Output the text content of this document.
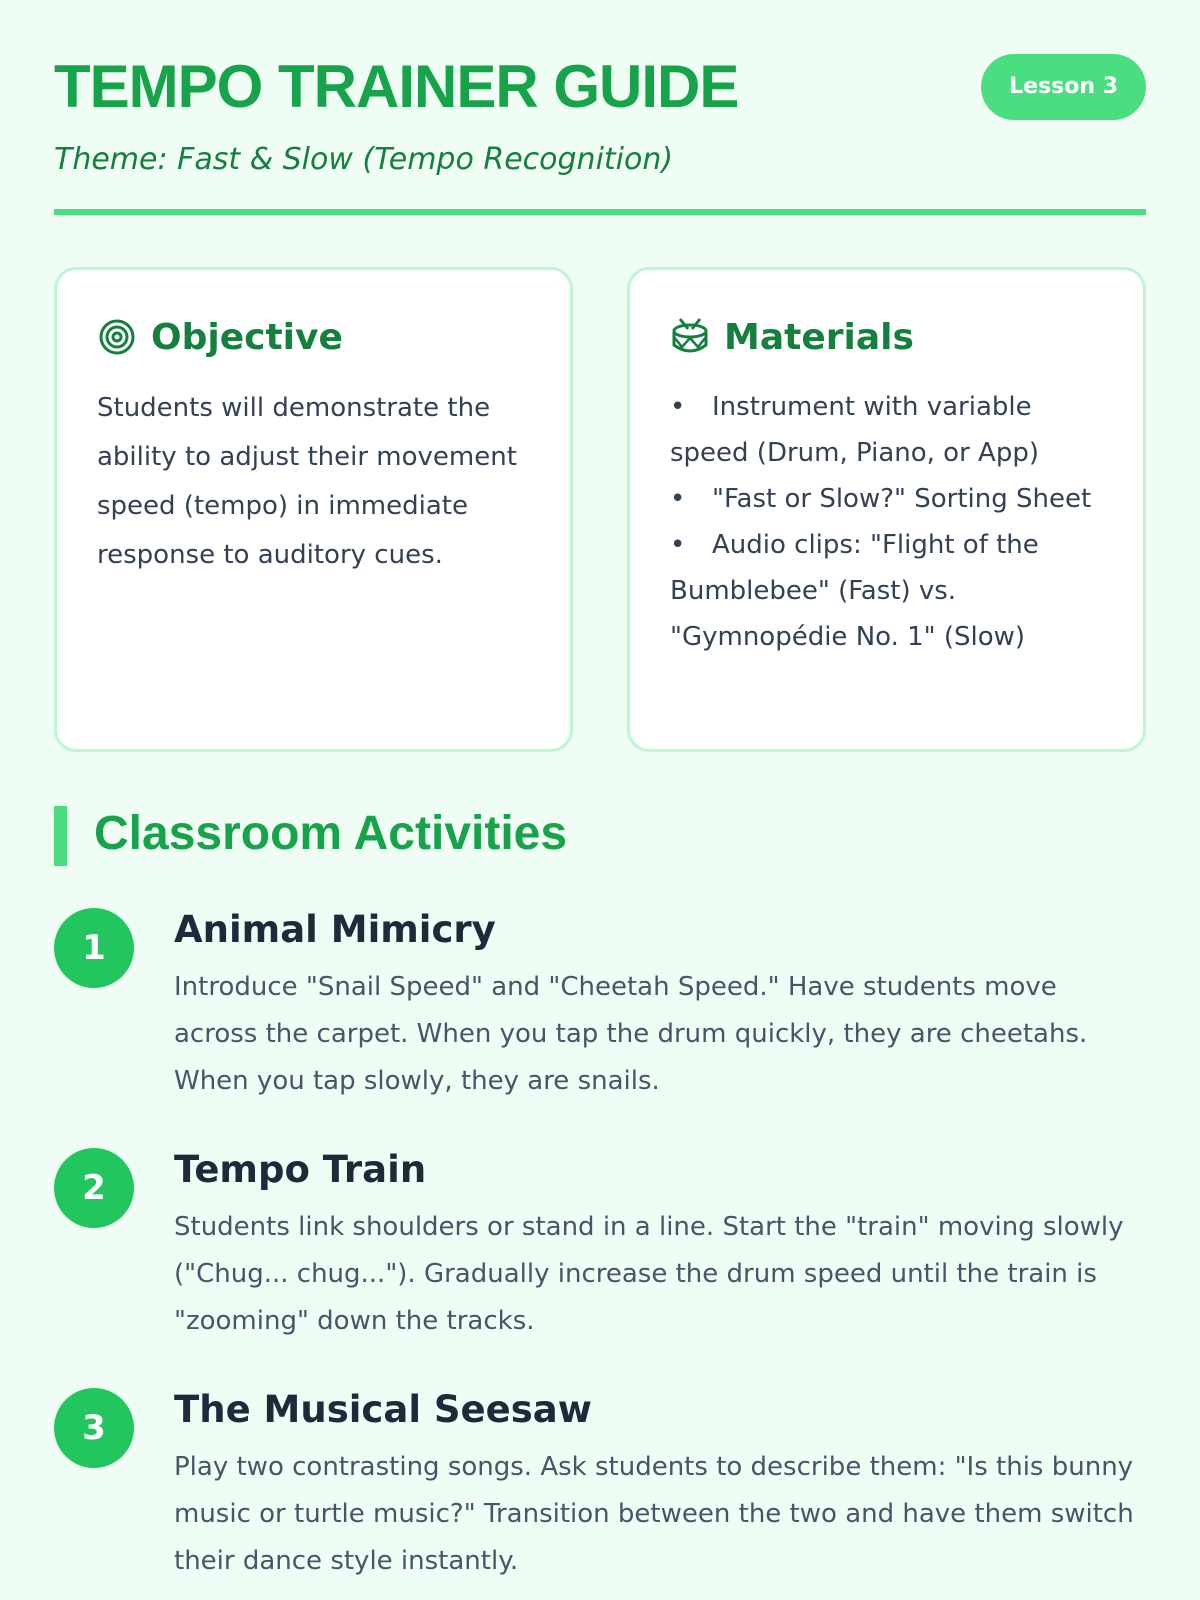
TEMPO TRAINER GUIDE
Theme: Fast & Slow (Tempo Recognition)
Lesson 3
Objective

Students will demonstrate the ability to adjust their movement speed (tempo) in immediate response to auditory cues.

Materials
• Instrument with variable speed (Drum, Piano, or App)
• "Fast or Slow?" Sorting Sheet
• Audio clips: "Flight of the Bumblebee" (Fast) vs. "Gymnopédie No. 1" (Slow)
Classroom Activities
1	Animal Mimicry

Introduce "Snail Speed" and "Cheetah Speed." Have students move across the carpet. When you tap the drum quickly, they are cheetahs. When you tap slowly, they are snails.

2	Tempo Train

Students link shoulders or stand in a line. Start the "train" moving slowly ("Chug... chug..."). Gradually increase the drum speed until the train is "zooming" down the tracks.

3	The Musical Seesaw

Play two contrasting songs. Ask students to describe them: "Is this bunny music or turtle music?" Transition between the two and have them switch their dance style instantly.
